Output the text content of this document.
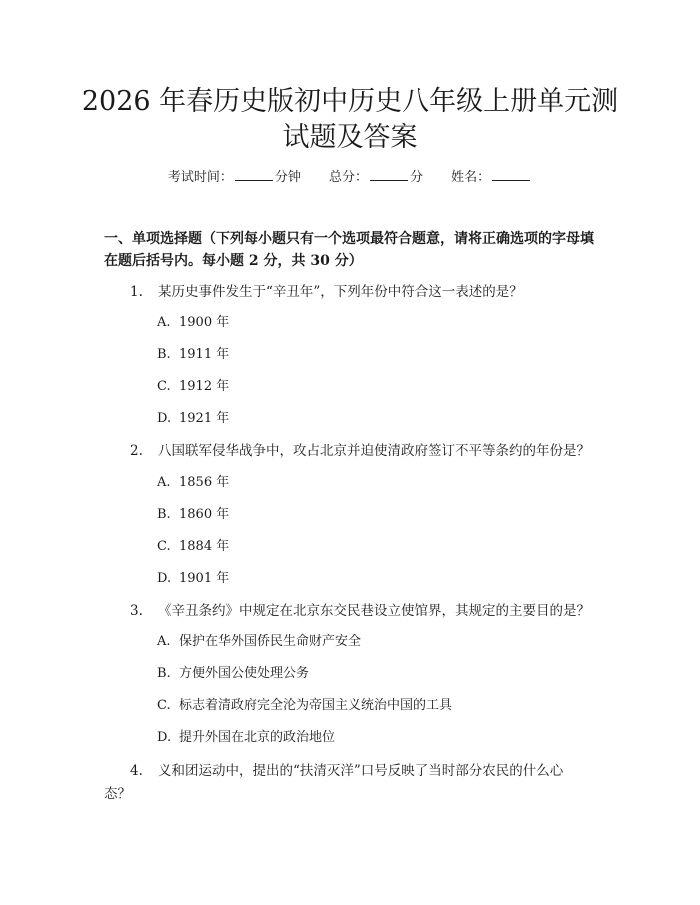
2026 年春历史版初中历史八年级上册单元测
试题及答案
考试时间：	分钟 总分：	分 姓名：

一、单项选择题（下列每小题只有一个选项最符合题意，请将正确选项的字母填

在题后括号内。每小题 2 分，共 30 分）

1. 某历史事件发生于“辛丑年”，下列年份中符合这一表述的是？
A. 1900 年
B. 1911 年
C. 1912 年
D. 1921 年
2. 八国联军侵华战争中，攻占北京并迫使清政府签订不平等条约的年份是？
A. 1856 年
B. 1860 年
C. 1884 年
D. 1901 年
3. 《辛丑条约》中规定在北京东交民巷设立使馆界，其规定的主要目的是？
A. 保护在华外国侨民生命财产安全
B. 方便外国公使处理公务
C. 标志着清政府完全沦为帝国主义统治中国的工具
D. 提升外国在北京的政治地位
4. 义和团运动中，提出的“扶清灭洋”口号反映了当时部分农民的什么心
态？
